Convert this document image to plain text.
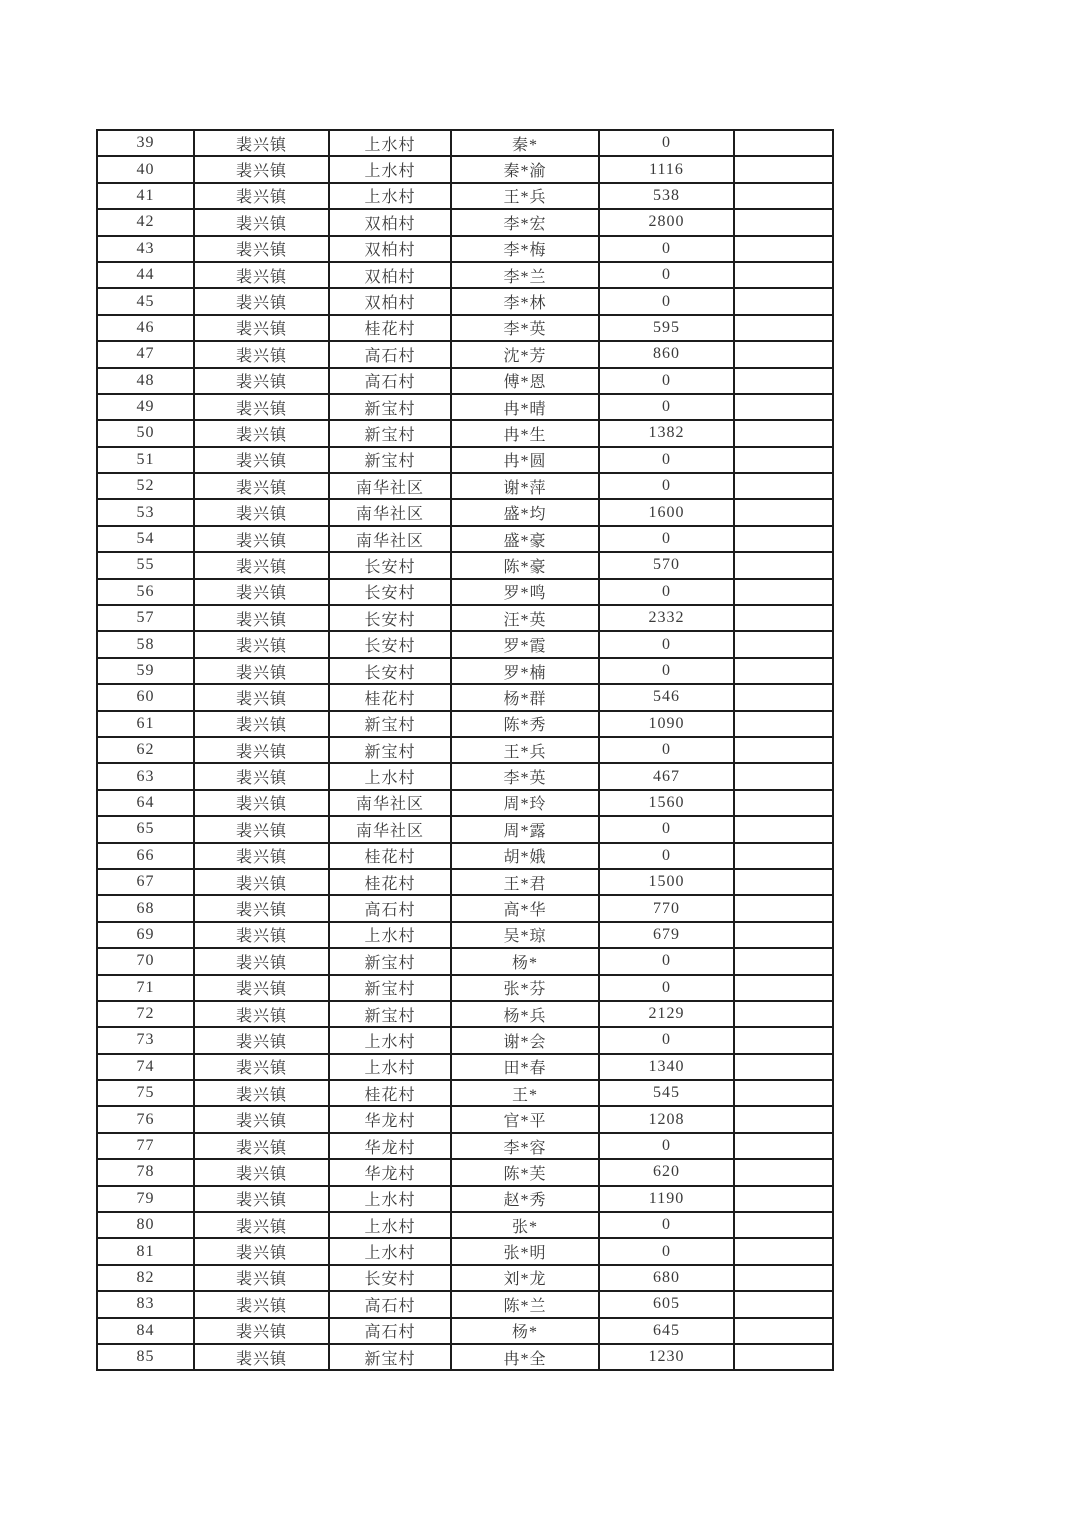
39	裴兴镇	上水村	秦*	0	
40	裴兴镇	上水村	秦*渝	1116	
41	裴兴镇	上水村	王*兵	538	
42	裴兴镇	双柏村	李*宏	2800	
43	裴兴镇	双柏村	李*梅	0	
44	裴兴镇	双柏村	李*兰	0	
45	裴兴镇	双柏村	李*林	0	
46	裴兴镇	桂花村	李*英	595	
47	裴兴镇	高石村	沈*芳	860	
48	裴兴镇	高石村	傅*恩	0	
49	裴兴镇	新宝村	冉*晴	0	
50	裴兴镇	新宝村	冉*生	1382	
51	裴兴镇	新宝村	冉*圆	0	
52	裴兴镇	南华社区	谢*萍	0	
53	裴兴镇	南华社区	盛*均	1600	
54	裴兴镇	南华社区	盛*豪	0	
55	裴兴镇	长安村	陈*豪	570	
56	裴兴镇	长安村	罗*鸣	0	
57	裴兴镇	长安村	汪*英	2332	
58	裴兴镇	长安村	罗*霞	0	
59	裴兴镇	长安村	罗*楠	0	
60	裴兴镇	桂花村	杨*群	546	
61	裴兴镇	新宝村	陈*秀	1090	
62	裴兴镇	新宝村	王*兵	0	
63	裴兴镇	上水村	李*英	467	
64	裴兴镇	南华社区	周*玲	1560	
65	裴兴镇	南华社区	周*露	0	
66	裴兴镇	桂花村	胡*娥	0	
67	裴兴镇	桂花村	王*君	1500	
68	裴兴镇	高石村	高*华	770	
69	裴兴镇	上水村	吴*琼	679	
70	裴兴镇	新宝村	杨*	0	
71	裴兴镇	新宝村	张*芬	0	
72	裴兴镇	新宝村	杨*兵	2129	
73	裴兴镇	上水村	谢*会	0	
74	裴兴镇	上水村	田*春	1340	
75	裴兴镇	桂花村	王*	545	
76	裴兴镇	华龙村	官*平	1208	
77	裴兴镇	华龙村	李*容	0	
78	裴兴镇	华龙村	陈*芙	620	
79	裴兴镇	上水村	赵*秀	1190	
80	裴兴镇	上水村	张*	0	
81	裴兴镇	上水村	张*明	0	
82	裴兴镇	长安村	刘*龙	680	
83	裴兴镇	高石村	陈*兰	605	
84	裴兴镇	高石村	杨*	645	
85	裴兴镇	新宝村	冉*全	1230	
